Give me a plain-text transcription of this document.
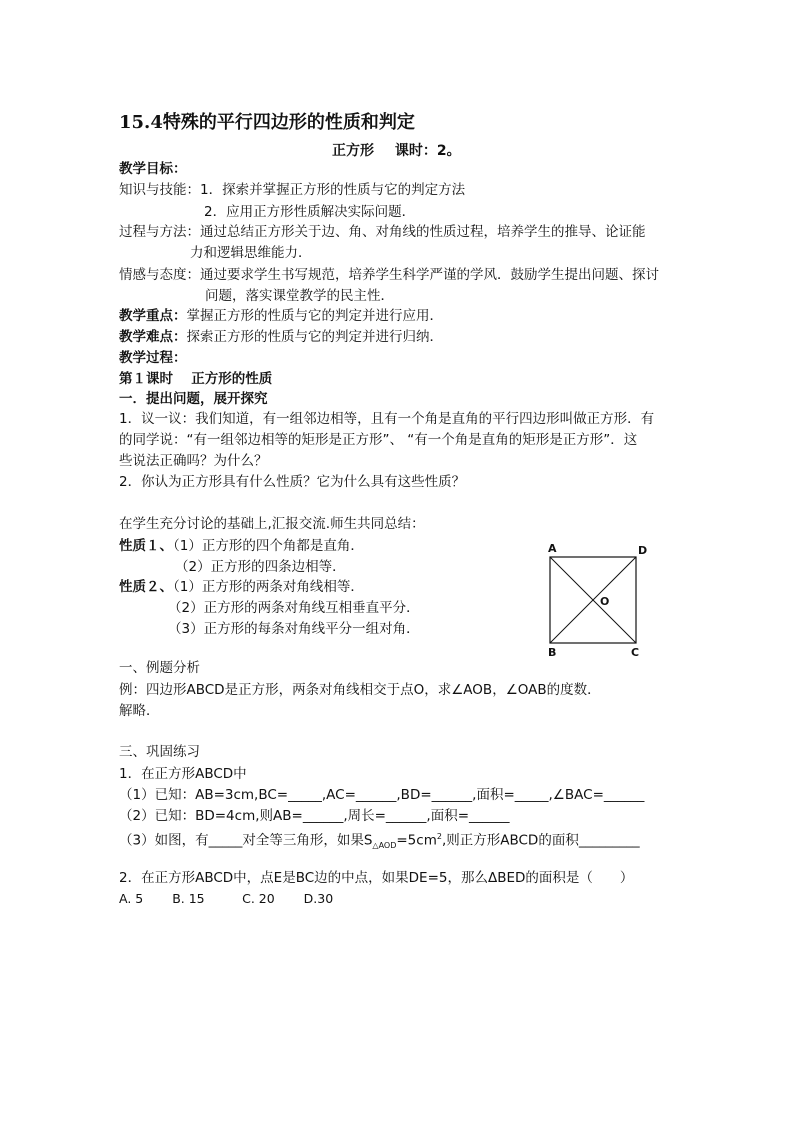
15.4特殊的平行四边形的性质和判定
正方形 课时：2。
教学目标：
知识与技能：1．探索并掌握正方形的性质与它的判定方法
2．应用正方形性质解决实际问题．
过程与方法：通过总结正方形关于边、角、对角线的性质过程，培养学生的推导、论证能
力和逻辑思维能力．
情感与态度：通过要求学生书写规范，培养学生科学严谨的学风．鼓励学生提出问题、探讨
问题，落实课堂教学的民主性．
教学重点：掌握正方形的性质与它的判定并进行应用．
教学难点：探索正方形的性质与它的判定并进行归纳．
教学过程：
第１课时　 正方形的性质
一．提出问题，展开探究
1．议一议：我们知道，有一组邻边相等，且有一个角是直角的平行四边形叫做正方形．有
的同学说：“有一组邻边相等的矩形是正方形”、 “有一个角是直角的矩形是正方形”．这
些说法正确吗？为什么？
2．你认为正方形具有什么性质？它为什么具有这些性质？
在学生充分讨论的基础上,汇报交流.师生共同总结：
性质１、（1）正方形的四个角都是直角．
（2）正方形的四条边相等．
性质２、（1）正方形的两条对角线相等．
（2）正方形的两条对角线互相垂直平分．
（3）正方形的每条对角线平分一组对角．
A	D
B	C
O
一、例题分析
例：四边形ABCD是正方形，两条对角线相交于点O，求∠AOB，∠OAB的度数．
解略．
三、巩固练习
1．在正方形ABCD中
（1）已知：AB=3cm,BC=_____,AC=______,BD=______,面积=_____,∠BAC=______
（2）已知：BD=4cm,则AB=______,周长=______,面积=______
（3）如图，有_____对全等三角形，如果$S_{\triangle AOD}=5cm^2$,则正方形ABCD的面积_________
2．在正方形ABCD中，点E是BC边的中点，如果DE=5，那么ΔBED的面积是（　　）
A. 5　　 B. 15　　　C. 20　　 D.30
